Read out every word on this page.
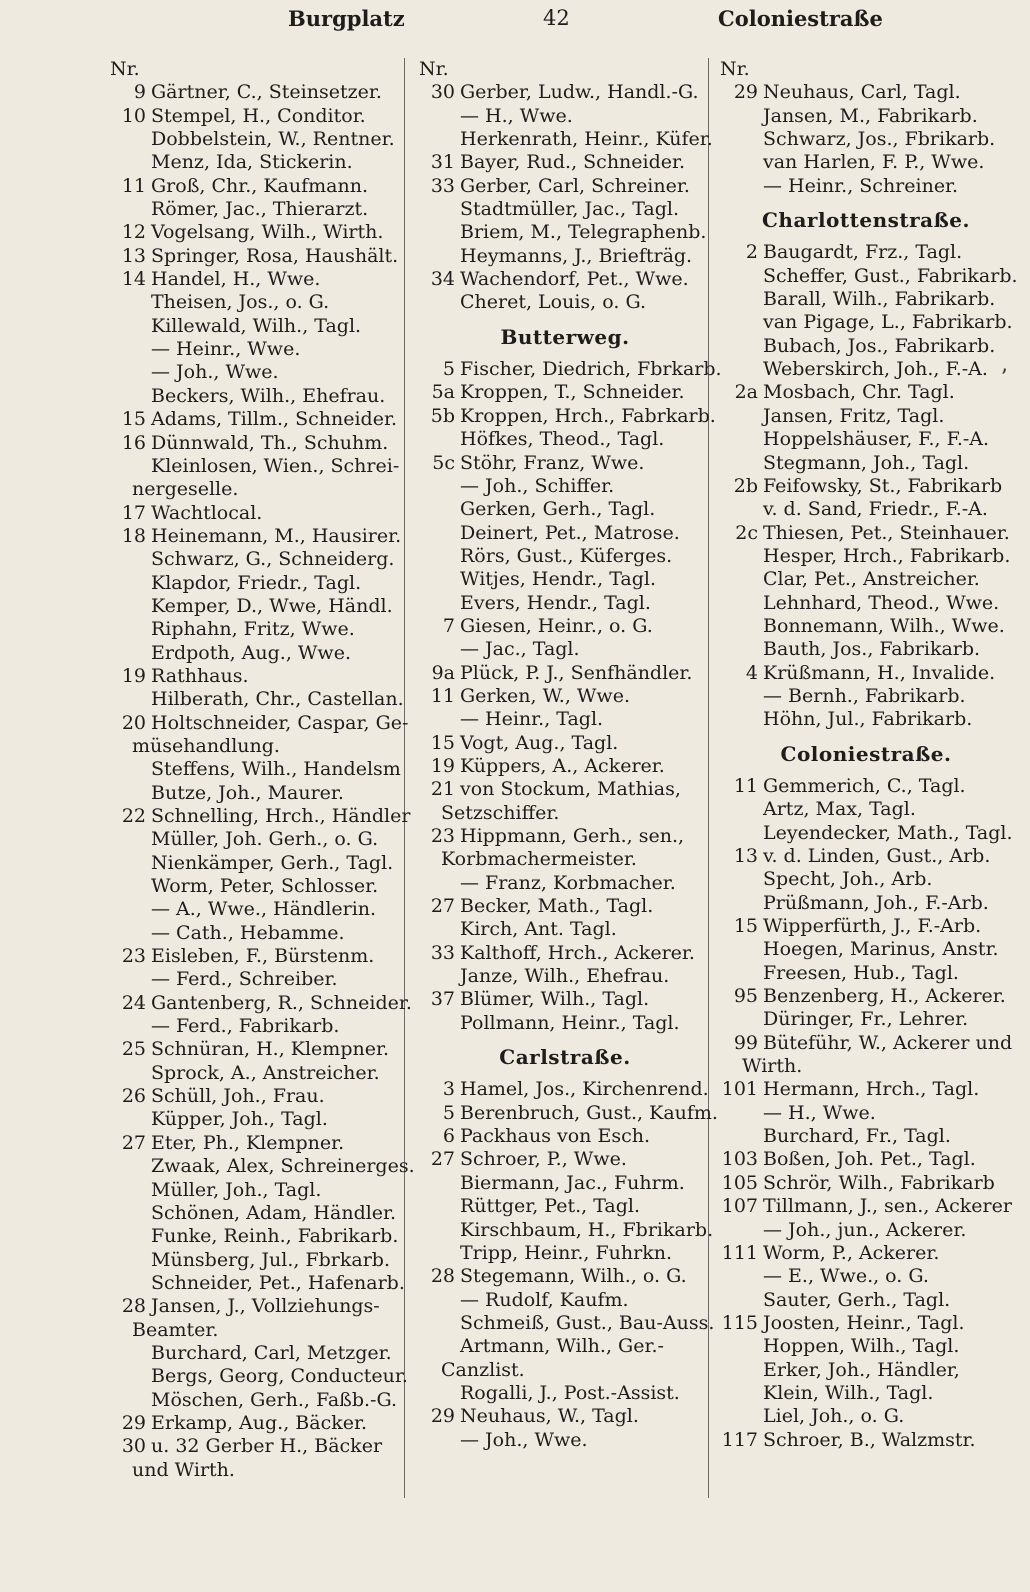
Burgplatz	42	Coloniestraße
ʼ
Nr.
9 Gärtner, C., Steinsetzer.
10 Stempel, H., Conditor.
Dobbelstein, W., Rentner.
Menz, Ida, Stickerin.
11 Groß, Chr., Kaufmann.
Römer, Jac., Thierarzt.
12 Vogelsang, Wilh., Wirth.
13 Springer, Rosa, Haushält.
14 Handel, H., Wwe.
Theisen, Jos., o. G.
Killewald, Wilh., Tagl.
— Heinr., Wwe.
— Joh., Wwe.
Beckers, Wilh., Ehefrau.
15 Adams, Tillm., Schneider.
16 Dünnwald, Th., Schuhm.
Kleinlosen, Wien., Schrei-
nergeselle.
17 Wachtlocal.
18 Heinemann, M., Hausirer.
Schwarz, G., Schneiderg.
Klapdor, Friedr., Tagl.
Kemper, D., Wwe, Händl.
Riphahn, Fritz, Wwe.
Erdpoth, Aug., Wwe.
19 Rathhaus.
Hilberath, Chr., Castellan.
20 Holtschneider, Caspar, Ge-
müsehandlung.
Steffens, Wilh., Handelsm
Butze, Joh., Maurer.
22 Schnelling, Hrch., Händler
Müller, Joh. Gerh., o. G.
Nienkämper, Gerh., Tagl.
Worm, Peter, Schlosser.
— A., Wwe., Händlerin.
— Cath., Hebamme.
23 Eisleben, F., Bürstenm.
— Ferd., Schreiber.
24 Gantenberg, R., Schneider.
— Ferd., Fabrikarb.
25 Schnüran, H., Klempner.
Sprock, A., Anstreicher.
26 Schüll, Joh., Frau.
Küpper, Joh., Tagl.
27 Eter, Ph., Klempner.
Zwaak, Alex, Schreinerges.
Müller, Joh., Tagl.
Schönen, Adam, Händler.
Funke, Reinh., Fabrikarb.
Münsberg, Jul., Fbrkarb.
Schneider, Pet., Hafenarb.
28 Jansen, J., Vollziehungs-
Beamter.
Burchard, Carl, Metzger.
Bergs, Georg, Conducteur.
Möschen, Gerh., Faßb.-G.
29 Erkamp, Aug., Bäcker.
30 u. 32 Gerber H., Bäcker
und Wirth.
Nr.
30 Gerber, Ludw., Handl.-G.
— H., Wwe.
Herkenrath, Heinr., Küfer.
31 Bayer, Rud., Schneider.
33 Gerber, Carl, Schreiner.
Stadtmüller, Jac., Tagl.
Briem, M., Telegraphenb.
Heymanns, J., Briefträg.
34 Wachendorf, Pet., Wwe.
Cheret, Louis, o. G.
Butterweg.
5 Fischer, Diedrich, Fbrkarb.
5a Kroppen, T., Schneider.
5b Kroppen, Hrch., Fabrkarb.
Höfkes, Theod., Tagl.
5c Stöhr, Franz, Wwe.
— Joh., Schiffer.
Gerken, Gerh., Tagl.
Deinert, Pet., Matrose.
Rörs, Gust., Küferges.
Witjes, Hendr., Tagl.
Evers, Hendr., Tagl.
7 Giesen, Heinr., o. G.
— Jac., Tagl.
9a Plück, P. J., Senfhändler.
11 Gerken, W., Wwe.
— Heinr., Tagl.
15 Vogt, Aug., Tagl.
19 Küppers, A., Ackerer.
21 von Stockum, Mathias,
Setzschiffer.
23 Hippmann, Gerh., sen.,
Korbmachermeister.
— Franz, Korbmacher.
27 Becker, Math., Tagl.
Kirch, Ant. Tagl.
33 Kalthoff, Hrch., Ackerer.
Janze, Wilh., Ehefrau.
37 Blümer, Wilh., Tagl.
Pollmann, Heinr., Tagl.
Carlstraße.
3 Hamel, Jos., Kirchenrend.
5 Berenbruch, Gust., Kaufm.
6 Packhaus von Esch.
27 Schroer, P., Wwe.
Biermann, Jac., Fuhrm.
Rüttger, Pet., Tagl.
Kirschbaum, H., Fbrikarb.
Tripp, Heinr., Fuhrkn.
28 Stegemann, Wilh., o. G.
— Rudolf, Kaufm.
Schmeiß, Gust., Bau-Auss.
Artmann, Wilh., Ger.-
Canzlist.
Rogalli, J., Post.-Assist.
29 Neuhaus, W., Tagl.
— Joh., Wwe.
Nr.
29 Neuhaus, Carl, Tagl.
Jansen, M., Fabrikarb.
Schwarz, Jos., Fbrikarb.
van Harlen, F. P., Wwe.
— Heinr., Schreiner.
Charlottenstraße.
2 Baugardt, Frz., Tagl.
Scheffer, Gust., Fabrikarb.
Barall, Wilh., Fabrikarb.
van Pigage, L., Fabrikarb.
Bubach, Jos., Fabrikarb.
Weberskirch, Joh., F.-A.
2a Mosbach, Chr. Tagl.
Jansen, Fritz, Tagl.
Hoppelshäuser, F., F.-A.
Stegmann, Joh., Tagl.
2b Feifowsky, St., Fabrikarb
v. d. Sand, Friedr., F.-A.
2c Thiesen, Pet., Steinhauer.
Hesper, Hrch., Fabrikarb.
Clar, Pet., Anstreicher.
Lehnhard, Theod., Wwe.
Bonnemann, Wilh., Wwe.
Bauth, Jos., Fabrikarb.
4 Krüßmann, H., Invalide.
— Bernh., Fabrikarb.
Höhn, Jul., Fabrikarb.
Coloniestraße.
11 Gemmerich, C., Tagl.
Artz, Max, Tagl.
Leyendecker, Math., Tagl.
13 v. d. Linden, Gust., Arb.
Specht, Joh., Arb.
Prüßmann, Joh., F.-Arb.
15 Wipperfürth, J., F.-Arb.
Hoegen, Marinus, Anstr.
Freesen, Hub., Tagl.
95 Benzenberg, H., Ackerer.
Düringer, Fr., Lehrer.
99 Büteführ, W., Ackerer und
Wirth.
101 Hermann, Hrch., Tagl.
— H., Wwe.
Burchard, Fr., Tagl.
103 Boßen, Joh. Pet., Tagl.
105 Schrör, Wilh., Fabrikarb
107 Tillmann, J., sen., Ackerer
— Joh., jun., Ackerer.
111 Worm, P., Ackerer.
— E., Wwe., o. G.
Sauter, Gerh., Tagl.
115 Joosten, Heinr., Tagl.
Hoppen, Wilh., Tagl.
Erker, Joh., Händler,
Klein, Wilh., Tagl.
Liel, Joh., o. G.
117 Schroer, B., Walzmstr.
